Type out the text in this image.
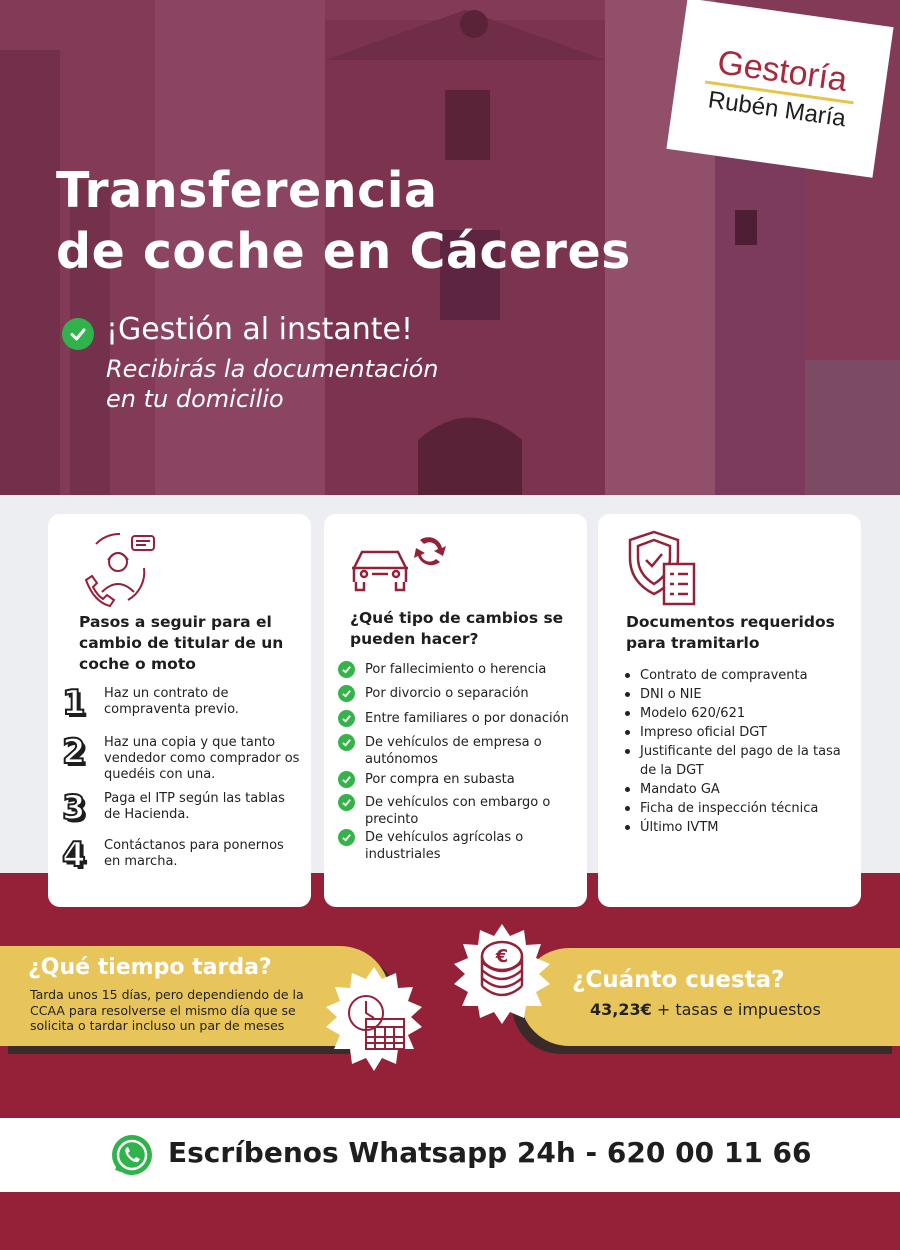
Transferencia
de coche en Cáceres
¡Gestión al instante!
Recibirás la documentación
en tu domicilio
Gestoría
Rubén María
Pasos a seguir para el cambio de titular de un coche o moto
1	Haz un contrato de compraventa previo.
2	Haz una copia y que tanto vendedor como comprador os quedéis con una.
3	Paga el ITP según las tablas de Hacienda.
4	Contáctanos para ponernos en marcha.
¿Qué tipo de cambios se pueden hacer?
Por fallecimiento o herencia
Por divorcio o separación
Entre familiares o por donación
De vehículos de empresa o autónomos
Por compra en subasta
De vehículos con embargo o precinto
De vehículos agrícolas o industriales
Documentos requeridos para tramitarlo
Contrato de compraventa
DNI o NIE
Modelo 620/621
Impreso oficial DGT
Justificante del pago de la tasa de la DGT
Mandato GA
Ficha de inspección técnica
Último IVTM
¿Qué tiempo tarda?
Tarda unos 15 días, pero dependiendo de la CCAA para resolverse el mismo día que se solicita o tardar incluso un par de meses
€
¿Cuánto cuesta?
43,23€ + tasas e impuestos
Escríbenos Whatsapp 24h - 620 00 11 66
